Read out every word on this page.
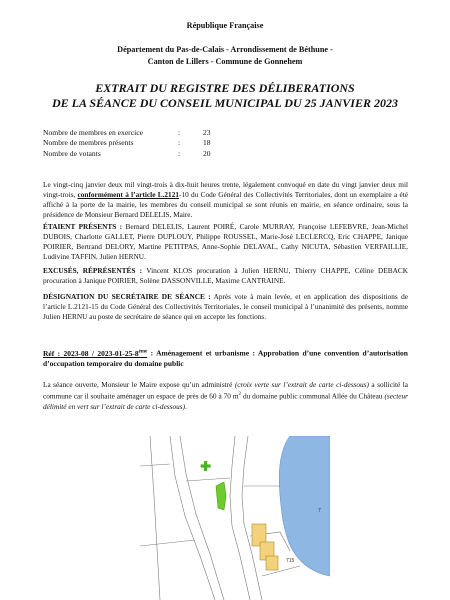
République Française
Département du Pas-de-Calais - Arrondissement de Béthune -
Canton de Lillers - Commune de Gonnehem
EXTRAIT DU REGISTRE DES DÉLIBERATIONS
DE LA SÉANCE DU CONSEIL MUNICIPAL DU 25 JANVIER 2023
Nombre de membres en exercice	:	23
Nombre de membres présents	:	18
Nombre de votants	:	20
Le vingt-cinq janvier deux mil vingt-trois à dix-huit heures trente, légalement convoqué en date du vingt janvier deux mil vingt-trois, conformément à l’article L.2121-10 du Code Général des Collectivités Territoriales, dont un exemplaire a été affiché à la porte de la mairie, les membres du conseil municipal se sont réunis en mairie, en séance ordinaire, sous la présidence de Monsieur Bernard DELELIS, Maire.
ÉTAIENT PRÉSENTS : Bernard DELELIS, Laurent POIRÉ, Carole MURRAY, Françoise LEFEBVRE, Jean-Michel DUBOIS, Charlotte GALLET, Pierre DUPLOUY, Philippe ROUSSEL, Marie-José LECLERCQ, Eric CHAPPE, Janique POIRIER, Bertrand DELORY, Martine PETITPAS, Anne-Sophie DELAVAL, Cathy NICUTA, Sébastien VERFAILLIE, Ludivine TAFFIN, Julien HERNU.
EXCUSÉS, RÉPRÉSENTÉS : Vincent KLOS procuration à Julien HERNU, Thierry CHAPPE, Céline DEBACK procuration à Janique POIRIER, Solène DASSONVILLE, Maxime CANTRAINE.
DÉSIGNATION DU SECRÉTAIRE DE SÉANCE : Après vote à main levée, et en application des dispositions de l’article L.2121-15 du Code Général des Collectivités Territoriales, le conseil municipal à l’unanimité des présents, nomme Julien HERNU au poste de secrétaire de séance qui en accepte les fonctions.
Réf : 2023-08 / 2023-01-25-8ème : Aménagement et urbanisme : Approbation d’une convention d’autorisation d’occupation temporaire du domaine public
La séance ouverte, Monsieur le Maire expose qu’un administré (croix verte sur l’extrait de carte ci-dessous) a sollicité la commune car il souhaite aménager un espace de près de 60 à 70 $m^2$ du domaine public communal Allée du Château (secteur délimité en vert sur l’extrait de carte ci-dessous).
7
715
